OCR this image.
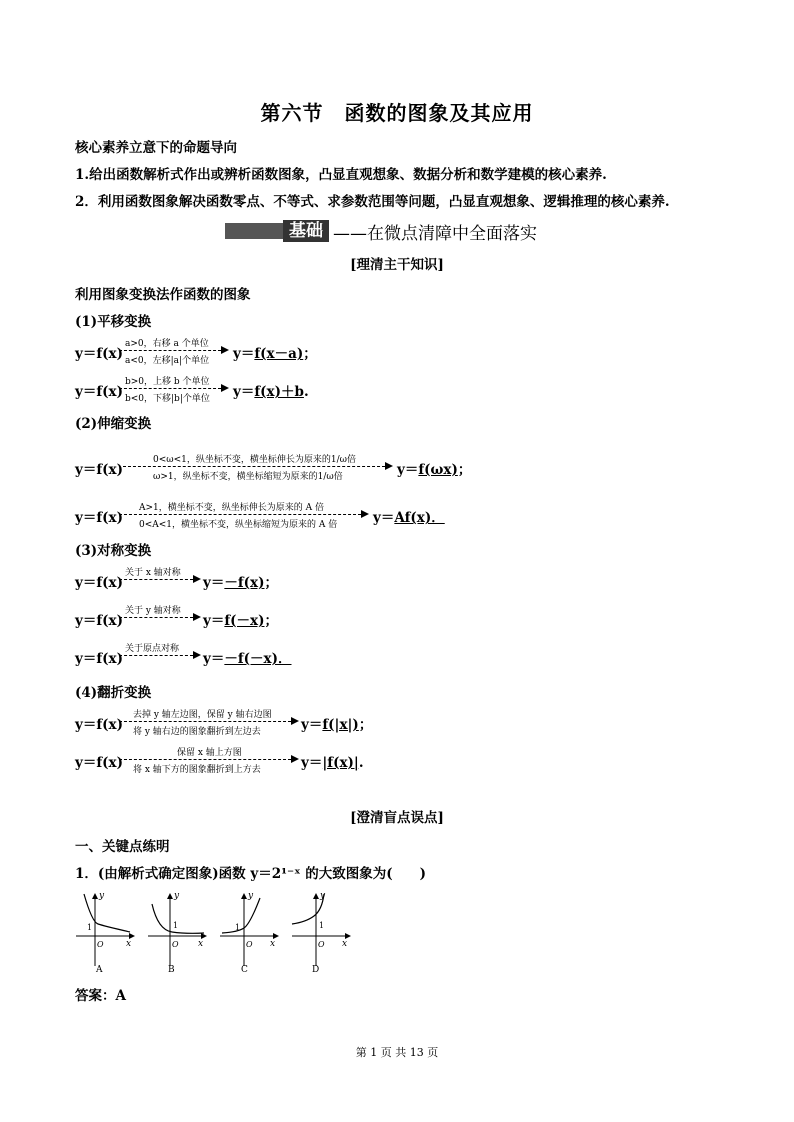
第六节　函数的图象及其应用
核心素养立意下的命题导向
1.给出函数解析式作出或辨析函数图象，凸显直观想象、数据分析和数学建模的核心素养.
2．利用函数图象解决函数零点、不等式、求参数范围等问题，凸显直观想象、逻辑推理的核心素养.
基础 ——在微点清障中全面落实
[理清主干知识]
利用图象变换法作函数的图象
(1)平移变换
y＝f(x)
a>0，右移 a 个单位
a<0，左移|a|个单位 y＝f(x－a)；
y＝f(x)
b>0，上移 b 个单位
b<0，下移|b|个单位 y＝f(x)＋b.
(2)伸缩变换
y＝f(x)
0<ω<1，纵坐标不变，横坐标伸长为原来的1/ω倍
ω>1，纵坐标不变，横坐标缩短为原来的1/ω倍	y＝f(ωx)；
y＝f(x)
A>1，横坐标不变，纵坐标伸长为原来的 A 倍
0<A<1，横坐标不变，纵坐标缩短为原来的 A 倍	y＝Af(x)．
(3)对称变换
y＝f(x)
关于 x 轴对称
y＝－f(x)；
y＝f(x)
关于 y 轴对称
y＝f(－x)；
y＝f(x)
关于原点对称
y＝－f(－x)．
(4)翻折变换
y＝f(x)
去掉 y 轴左边图，保留 y 轴右边图
将 y 轴右边的图象翻折到左边去	y＝f(|x|)；
y＝f(x)
保留 x 轴上方图
将 x 轴下方的图象翻折到上方去	y＝|f(x)|.
[澄清盲点误点]
一、关键点练明
1．(由解析式确定图象)函数 y＝2¹⁻ˣ 的大致图象为(　　)
y
x
O
1
A
y
x
O
1
B
y
x
O
1
C
y
x
O
1
D
答案：A
第 1 页 共 13 页
